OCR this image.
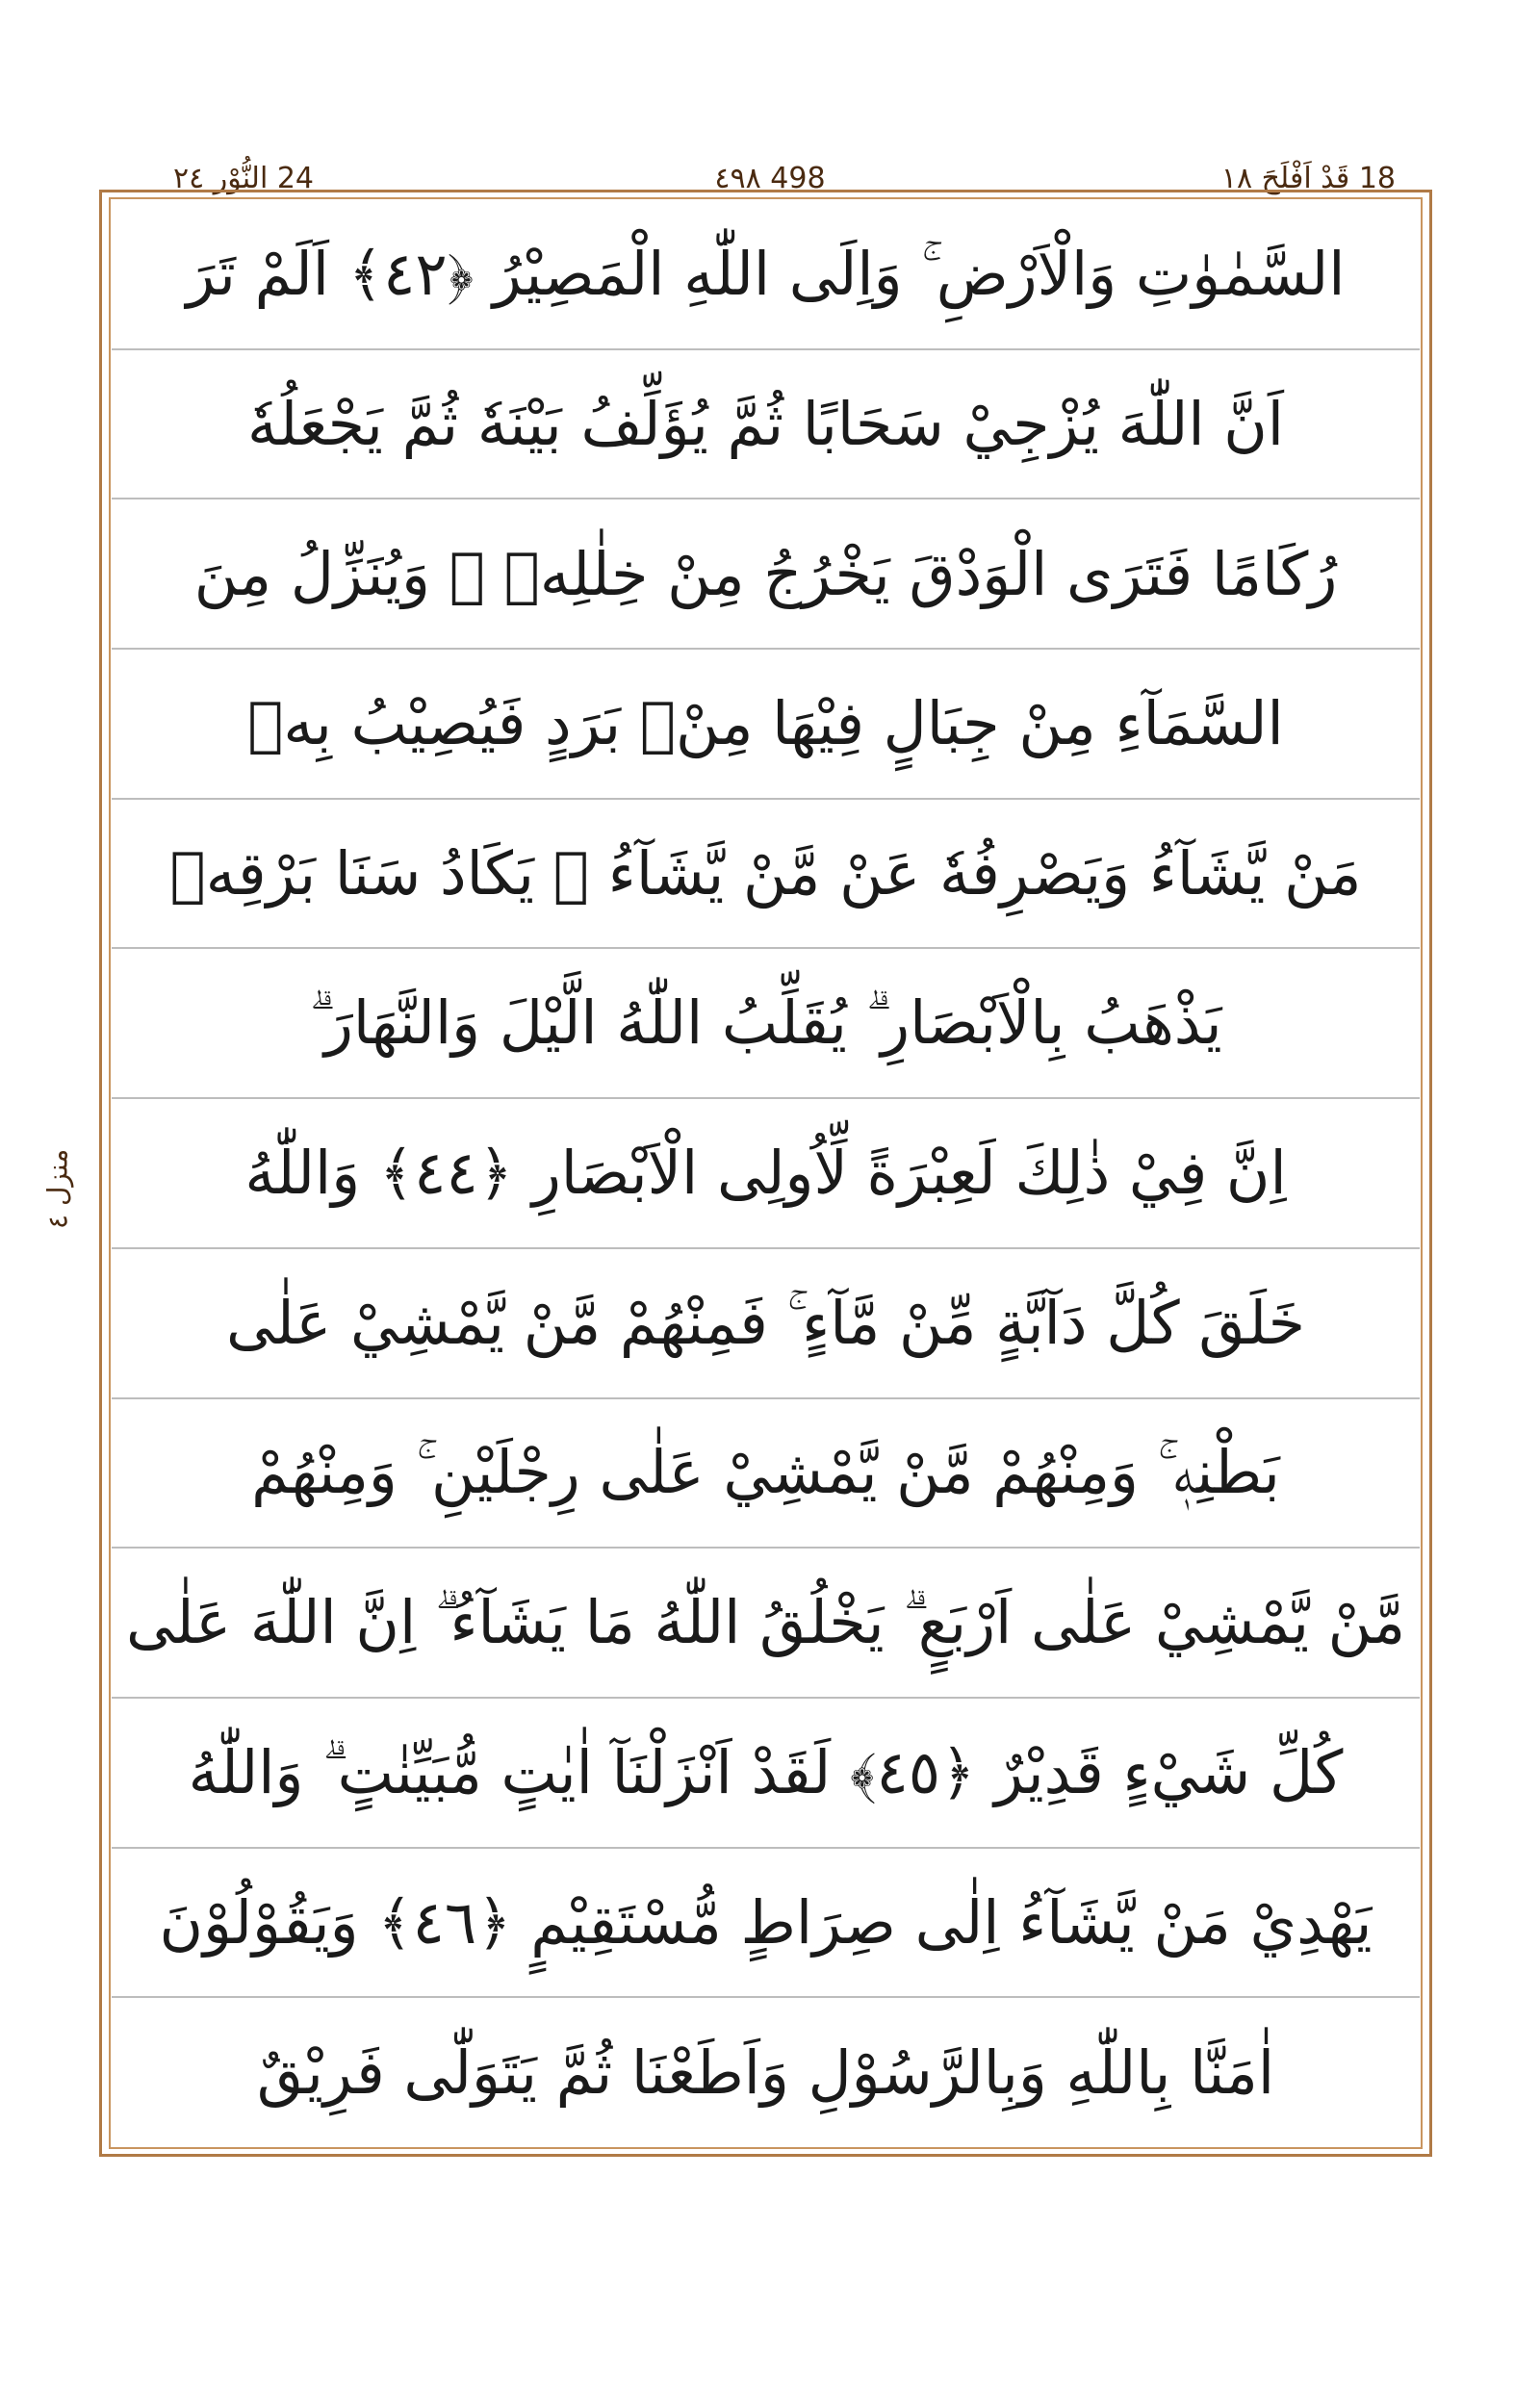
24 النُّوْر ٢٤	٤٩٨ 498	18 قَدْ اَفْلَحَ ١٨
منزل ٤
السَّمٰوٰتِ وَالْاَرْضِ ۚ وَاِلَى اللّٰهِ الْمَصِيْرُ ﴿٤٢﴾ اَلَمْ تَرَ
اَنَّ اللّٰهَ يُزْجِيْ سَحَابًا ثُمَّ يُؤَلِّفُ بَيْنَهٗ ثُمَّ يَجْعَلُهٗ
رُكَامًا فَتَرَى الْوَدْقَ يَخْرُجُ مِنْ خِلٰلِهٖ ۚ وَيُنَزِّلُ مِنَ
السَّمَآءِ مِنْ جِبَالٍ فِيْهَا مِنْۢ بَرَدٍ فَيُصِيْبُ بِهٖ
مَنْ يَّشَآءُ وَيَصْرِفُهٗ عَنْ مَّنْ يَّشَآءُ ۗ يَكَادُ سَنَا بَرْقِهٖ
يَذْهَبُ بِالْاَبْصَارِ ۗ يُقَلِّبُ اللّٰهُ الَّيْلَ وَالنَّهَارَ ۗ
اِنَّ فِيْ ذٰلِكَ لَعِبْرَةً لِّاُولِى الْاَبْصَارِ ﴿٤٤﴾ وَاللّٰهُ
خَلَقَ كُلَّ دَآبَّةٍ مِّنْ مَّآءٍ ۚ فَمِنْهُمْ مَّنْ يَّمْشِيْ عَلٰى
بَطْنِهٖ ۚ وَمِنْهُمْ مَّنْ يَّمْشِيْ عَلٰى رِجْلَيْنِ ۚ وَمِنْهُمْ
مَّنْ يَّمْشِيْ عَلٰى اَرْبَعٍ ۗ يَخْلُقُ اللّٰهُ مَا يَشَآءُ ۗ اِنَّ اللّٰهَ عَلٰى
كُلِّ شَيْءٍ قَدِيْرٌ ﴿٤٥﴾ لَقَدْ اَنْزَلْنَآ اٰيٰتٍ مُّبَيِّنٰتٍ ۗ وَاللّٰهُ
يَهْدِيْ مَنْ يَّشَآءُ اِلٰى صِرَاطٍ مُّسْتَقِيْمٍ ﴿٤٦﴾ وَيَقُوْلُوْنَ
اٰمَنَّا بِاللّٰهِ وَبِالرَّسُوْلِ وَاَطَعْنَا ثُمَّ يَتَوَلّٰى فَرِيْقٌ
